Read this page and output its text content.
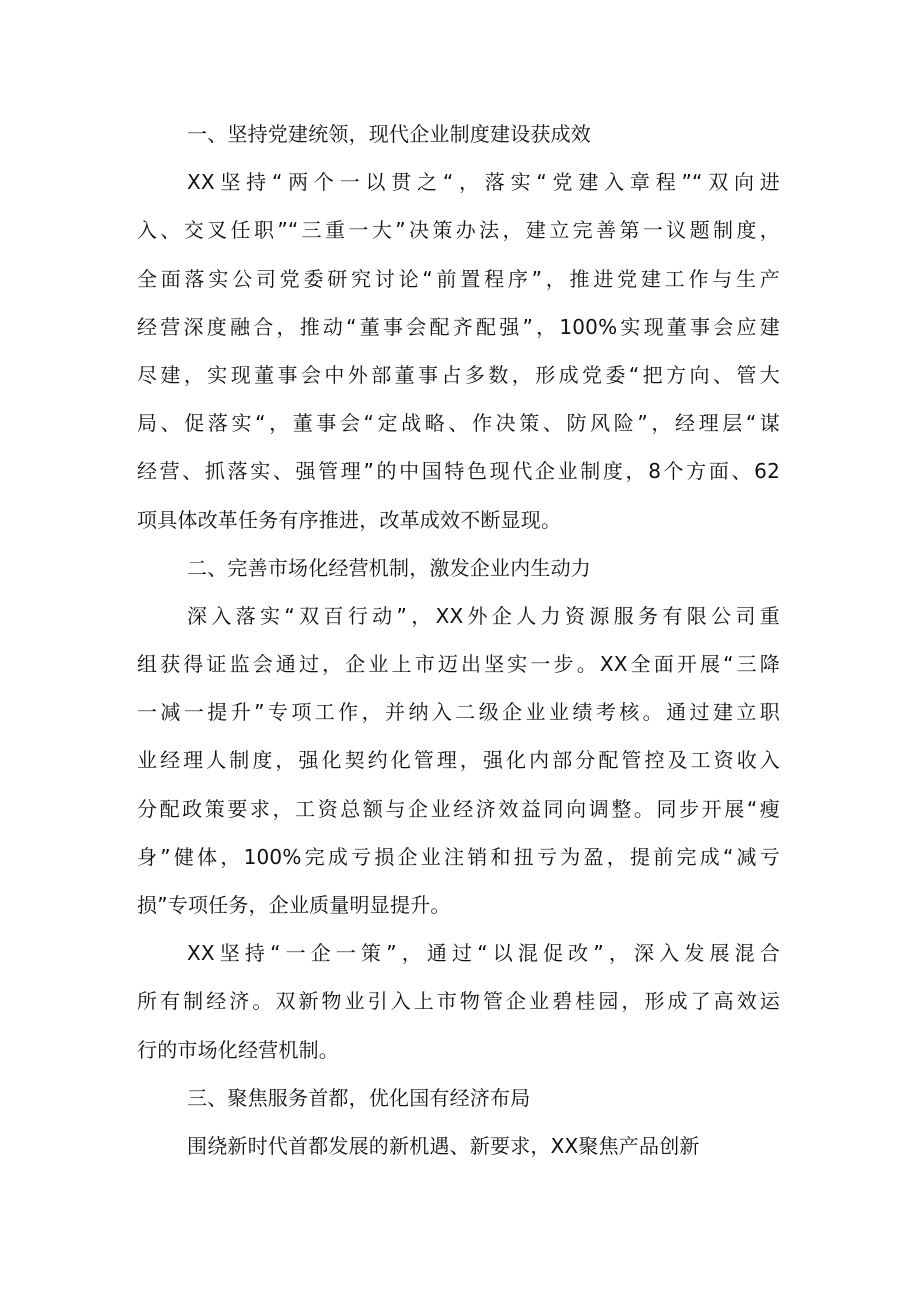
一、坚持党建统领，现代企业制度建设获成效
XX坚持“两个一以贯之“，落实“党建入章程”“双向进
入、交叉任职”“三重一大”决策办法，建立完善第一议题制度，
全面落实公司党委研究讨论“前置程序”，推进党建工作与生产
经营深度融合，推动“董事会配齐配强”，100%实现董事会应建
尽建，实现董事会中外部董事占多数，形成党委“把方向、管大
局、促落实“，董事会“定战略、作决策、防风险”，经理层“谋
经营、抓落实、强管理”的中国特色现代企业制度，8个方面、62
项具体改革任务有序推进，改革成效不断显现。
二、完善市场化经营机制，激发企业内生动力
深入落实“双百行动”，XX外企人力资源服务有限公司重
组获得证监会通过，企业上市迈出坚实一步。XX全面开展“三降
一减一提升”专项工作，并纳入二级企业业绩考核。通过建立职
业经理人制度，强化契约化管理，强化内部分配管控及工资收入
分配政策要求，工资总额与企业经济效益同向调整。同步开展“瘦
身”健体，100%完成亏损企业注销和扭亏为盈，提前完成“减亏
损”专项任务，企业质量明显提升。
XX坚持“一企一策”，通过“以混促改”，深入发展混合
所有制经济。双新物业引入上市物管企业碧桂园，形成了高效运
行的市场化经营机制。
三、聚焦服务首都，优化国有经济布局
围绕新时代首都发展的新机遇、新要求，XX聚焦产品创新
